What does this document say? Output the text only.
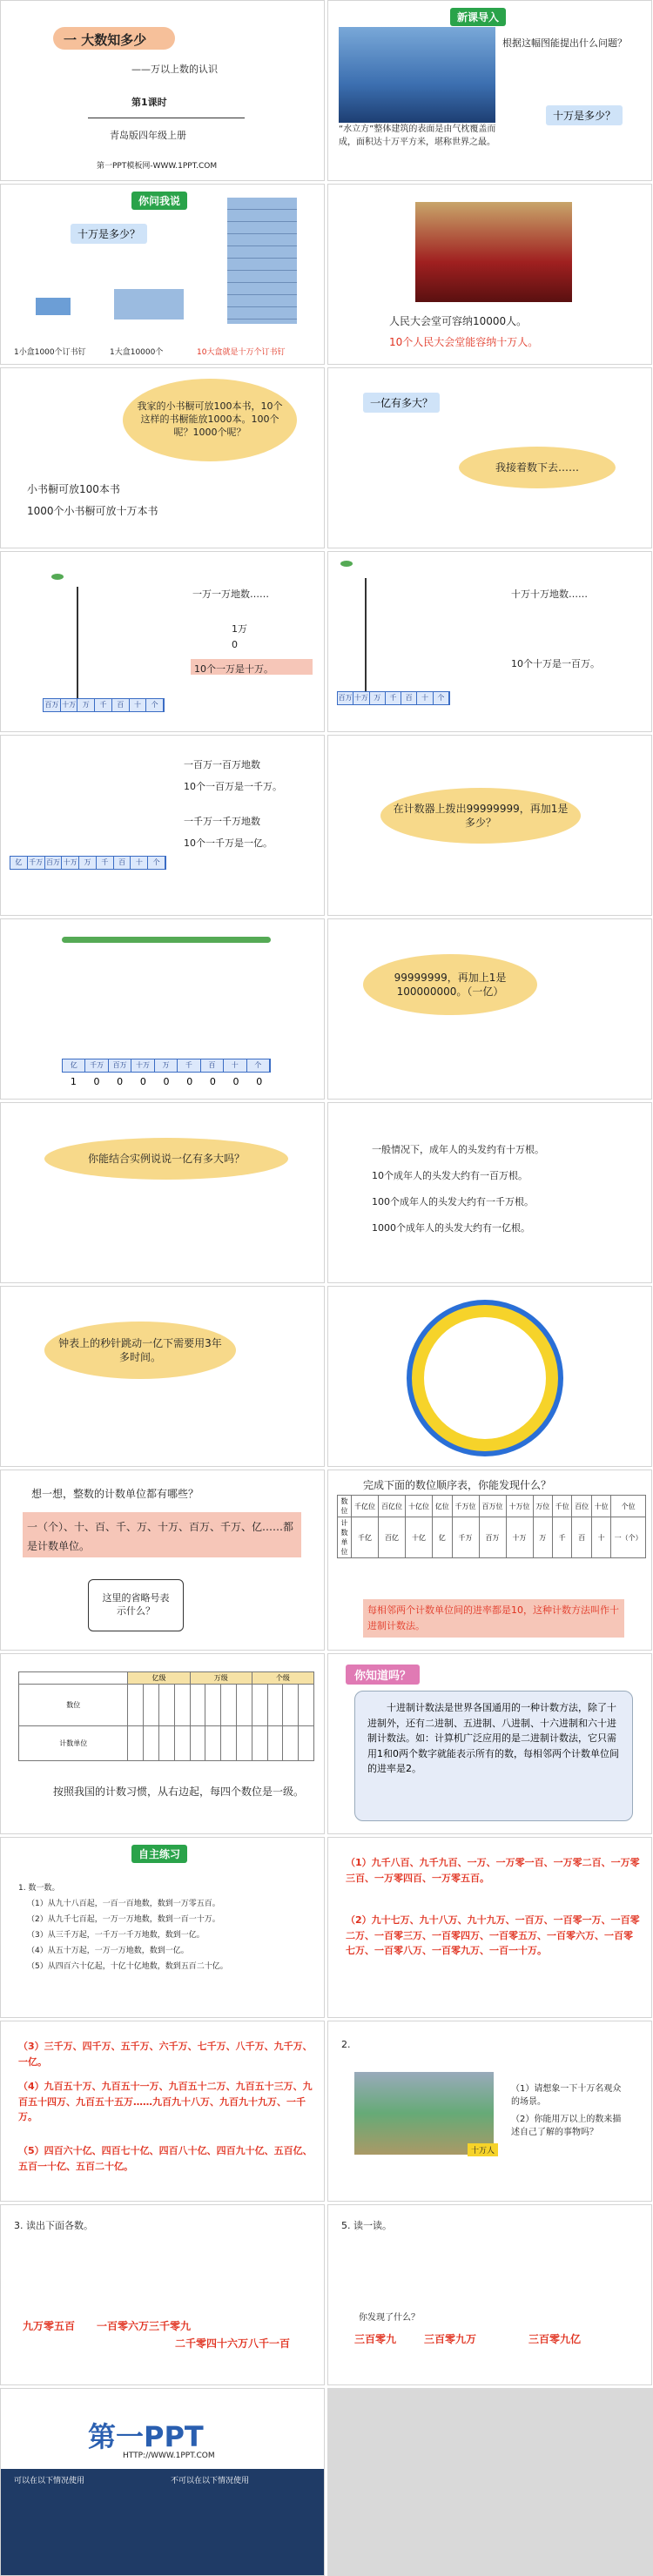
一 大数知多少
——万以上数的认识
第1课时
青岛版四年级上册
第一PPT模板网-WWW.1PPT.COM
新课导入
根据这幅图能提出什么问题？
十万是多少？
“水立方”整体建筑的表面是由气枕覆盖而成，面积达十万平方米，堪称世界之最。
你问我说
十万是多少？
1小盒1000个订书钉	1大盒10000个	10大盒就是十万个订书钉
人民大会堂可容纳10000人。
10个人民大会堂能容纳十万人。
我家的小书橱可放100本书，10个这样的书橱能放1000本。100个呢？1000个呢？
小书橱可放100本书
1000个小书橱可放十万本书
一亿有多大？
我接着数下去……
百万 十万 万	千	百	十	个
一万一万地数……
1万
0
10个一万是十万。
百万 十万 万	千	百	十	个
十万十万地数……
10个十万是一百万。
亿 千万 百万 十万 万	千	百	十	个
一百万一百万地数
10个一百万是一千万。
一千万一千万地数
10个一千万是一亿。
在计数器上拨出99999999，再加1是多少？
亿	千万	百万	十万	万	千	百	十	个
1	0	0	0	0	0	0	0	0
99999999，再加上1是100000000。（一亿）
你能结合实例说说一亿有多大吗？
一般情况下，成年人的头发约有十万根。
10个成年人的头发大约有一百万根。
100个成年人的头发大约有一千万根。
1000个成年人的头发大约有一亿根。
钟表上的秒针跳动一亿下需要用3年多时间。
想一想，整数的计数单位都有哪些？
一（个）、十、百、千、万、十万、百万、千万、亿……都是计数单位。
这里的省略号表示什么？
完成下面的数位顺序表，你能发现什么？
数位	千亿位	百亿位	十亿位	亿位	千万位	百万位	十万位	万位	千位	百位	十位	个位
计数单位	千亿	百亿	十亿	亿	千万	百万	十万	万	千	百	十	一（个）
每相邻两个计数单位间的进率都是10，这种计数方法叫作十进制计数法。
	亿级				万级				个级			
数位												
计数单位												
按照我国的计数习惯，从右边起，每四个数位是一级。
你知道吗？
十进制计数法是世界各国通用的一种计数方法，除了十进制外，还有二进制、五进制、八进制、十六进制和六十进制计数法。如：计算机广泛应用的是二进制计数法，它只需用1和0两个数字就能表示所有的数，每相邻两个计数单位间的进率是2。
自主练习
1. 数一数。
（1）从九十八百起，一百一百地数，数到一万零五百。
（2）从九千七百起，一万一万地数，数到一百一十万。
（3）从三千万起，一千万一千万地数，数到一亿。
（4）从五十万起，一万一万地数，数到一亿。
（5）从四百六十亿起，十亿十亿地数，数到五百二十亿。
（1）九千八百、九千九百、一万、一万零一百、一万零二百、一万零三百、一万零四百、一万零五百。
（2）九十七万、九十八万、九十九万、一百万、一百零一万、一百零二万、一百零三万、一百零四万、一百零五万、一百零六万、一百零七万、一百零八万、一百零九万、一百一十万。
（3）三千万、四千万、五千万、六千万、七千万、八千万、九千万、一亿。
（4）九百五十万、九百五十一万、九百五十二万、九百五十三万、九百五十四万、九百五十五万……九百九十八万、九百九十九万、一千万。
（5）四百六十亿、四百七十亿、四百八十亿、四百九十亿、五百亿、五百一十亿、五百二十亿。
2.
（1）请想象一下十万名观众的场景。
（2）你能用万以上的数来描述自己了解的事物吗？
十万人
3. 读出下面各数。
九万零五百 一百零六万三千零九
二千零四十六万八千一百
5. 读一读。
你发现了什么？
三百零九	三百零九万	三百零九亿
第一PPT
HTTP://WWW.1PPT.COM
可以在以下情况使用	不可以在以下情况使用
